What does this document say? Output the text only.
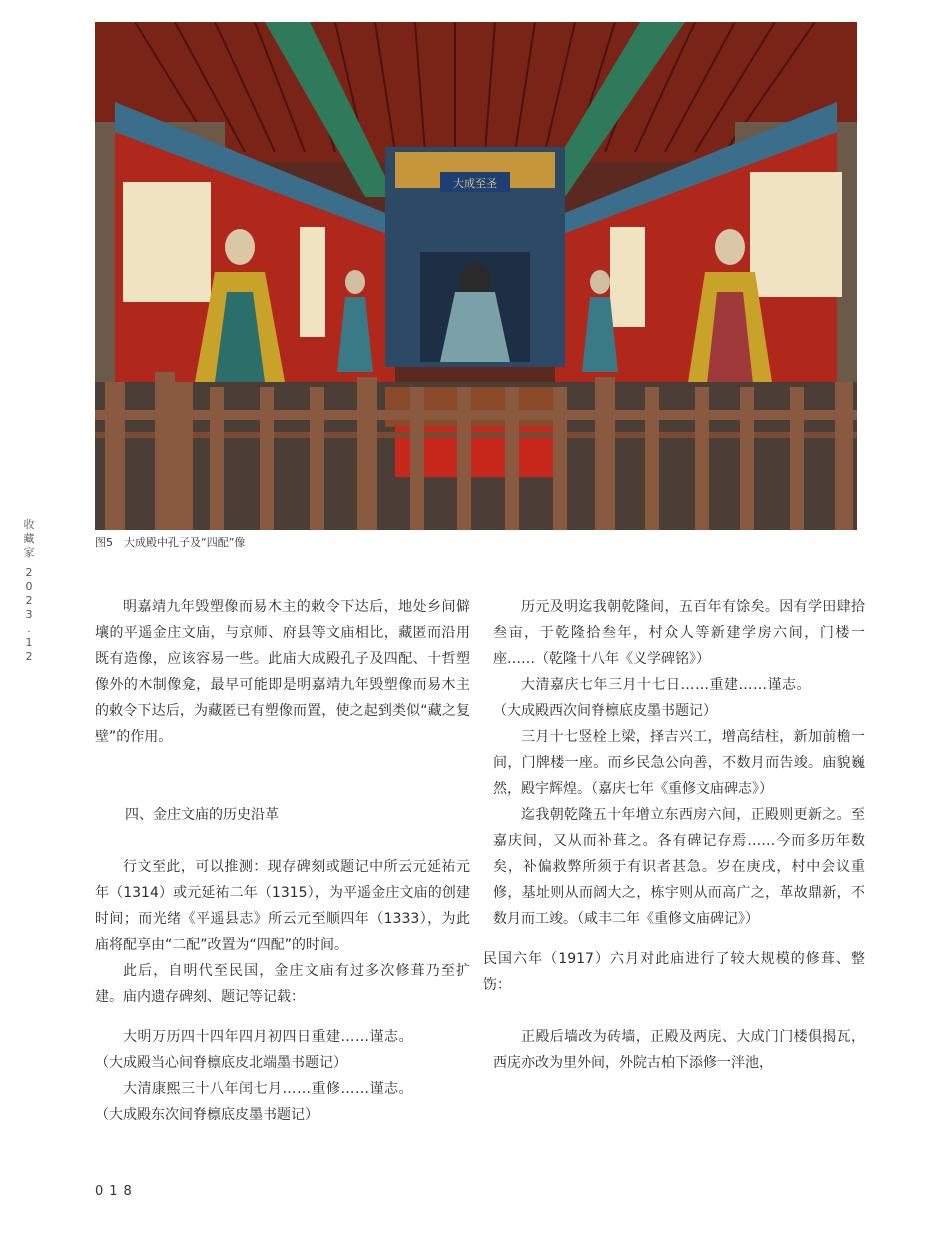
大成至圣
图5　大成殿中孔子及“四配”像
收
藏
家
2
0
2
3
.
1
2

明嘉靖九年毁塑像而易木主的敕令下达后，地处乡间僻壤的平遥金庄文庙，与京师、府县等文庙相比，藏匿而沿用既有造像，应该容易一些。此庙大成殿孔子及四配、十哲塑像外的木制像龛，最早可能即是明嘉靖九年毁塑像而易木主的敕令下达后，为藏匿已有塑像而置，使之起到类似“藏之复壁”的作用。

四、金庄文庙的历史沿革

行文至此，可以推测：现存碑刻或题记中所云元延祐元年（1314）或元延祐二年（1315），为平遥金庄文庙的创建时间；而光绪《平遥县志》所云元至顺四年（1333），为此庙将配享由“二配”改置为“四配”的时间。

此后，自明代至民国，金庄文庙有过多次修葺乃至扩建。庙内遗存碑刻、题记等记载：

大明万历四十四年四月初四日重建……谨志。

（大成殿当心间脊檩底皮北端墨书题记）

大清康熙三十八年闰七月……重修……谨志。

（大成殿东次间脊檩底皮墨书题记）

历元及明迄我朝乾隆间，五百年有馀矣。因有学田肆拾叁亩，于乾隆拾叁年，村众人等新建学房六间，门楼一座……（乾隆十八年《义学碑铭》）

大清嘉庆七年三月十七日……重建……谨志。

（大成殿西次间脊檩底皮墨书题记）

三月十七竖栓上梁，择吉兴工，增高结柱，新加前檐一间，门牌楼一座。而乡民急公向善，不数月而告竣。庙貌巍然，殿宇辉煌。（嘉庆七年《重修文庙碑志》）

迄我朝乾隆五十年增立东西房六间，正殿则更新之。至嘉庆间，又从而补葺之。各有碑记存焉……今而多历年数矣，补偏救弊所须于有识者甚急。岁在庚戌，村中会议重修，基址则从而阔大之，栋宇则从而高广之，革故鼎新，不数月而工竣。（咸丰二年《重修文庙碑记》）

民国六年（1917）六月对此庙进行了较大规模的修葺、整饬：

正殿后墙改为砖墙，正殿及两庑、大成门门楼俱揭瓦，西庑亦改为里外间，外院古柏下添修一泮池，

018
